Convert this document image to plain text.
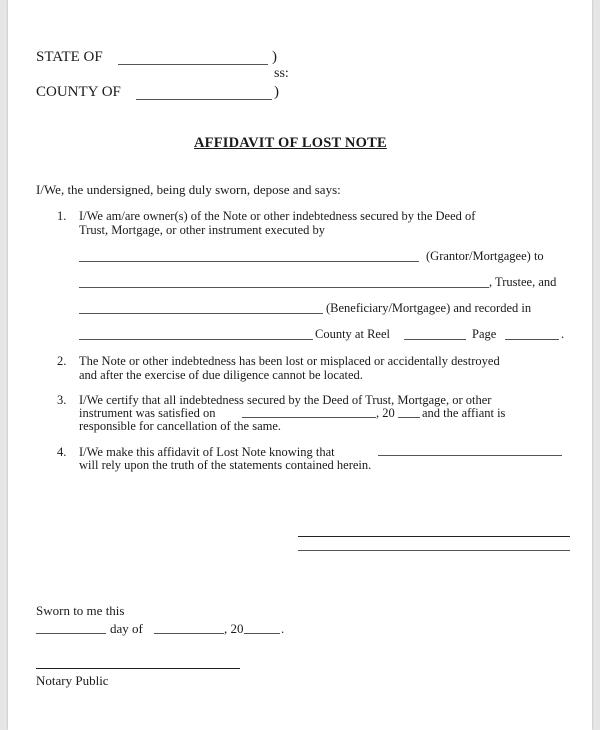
STATE OF	)
ss:
COUNTY OF	)
AFFIDAVIT OF LOST NOTE
I/We, the undersigned, being duly sworn, depose and says:
1. I/We am/are owner(s) of the Note or other indebtedness secured by the Deed of
Trust, Mortgage, or other instrument executed by
(Grantor/Mortgagee) to
, Trustee, and
(Beneficiary/Mortgagee) and recorded in
County at Reel	Page	.
2. The Note or other indebtedness has been lost or misplaced or accidentally destroyed
and after the exercise of due diligence cannot be located.
3. I/We certify that all indebtedness secured by the Deed of Trust, Mortgage, or other
instrument was satisfied on	, 20 and the affiant is
responsible for cancellation of the same.
4. I/We make this affidavit of Lost Note knowing that
will rely upon the truth of the statements contained herein.
Sworn to me this
day of	, 20	.
Notary Public
